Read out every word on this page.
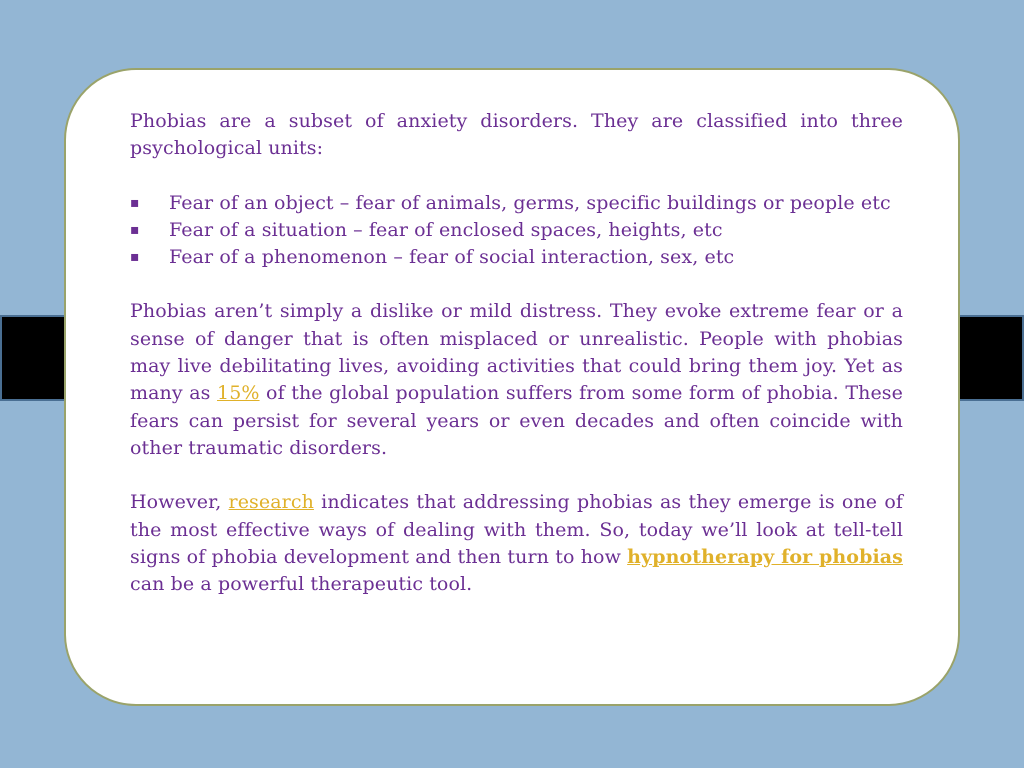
Phobias are a subset of anxiety disorders. They are classified into three psychological units:

▪ Fear of an object – fear of animals, germs, specific buildings or people etc
▪ Fear of a situation – fear of enclosed spaces, heights, etc
▪ Fear of a phenomenon – fear of social interaction, sex, etc

Phobias aren’t simply a dislike or mild distress. They evoke extreme fear or a sense of danger that is often misplaced or unrealistic. People with phobias may live debilitating lives, avoiding activities that could bring them joy. Yet as many as 15% of the global population suffers from some form of phobia. These fears can persist for several years or even decades and often coincide with other traumatic disorders.

However, research indicates that addressing phobias as they emerge is one of the most effective ways of dealing with them. So, today we’ll look at tell-tell signs of phobia development and then turn to how hypnotherapy for phobias can be a powerful therapeutic tool.
